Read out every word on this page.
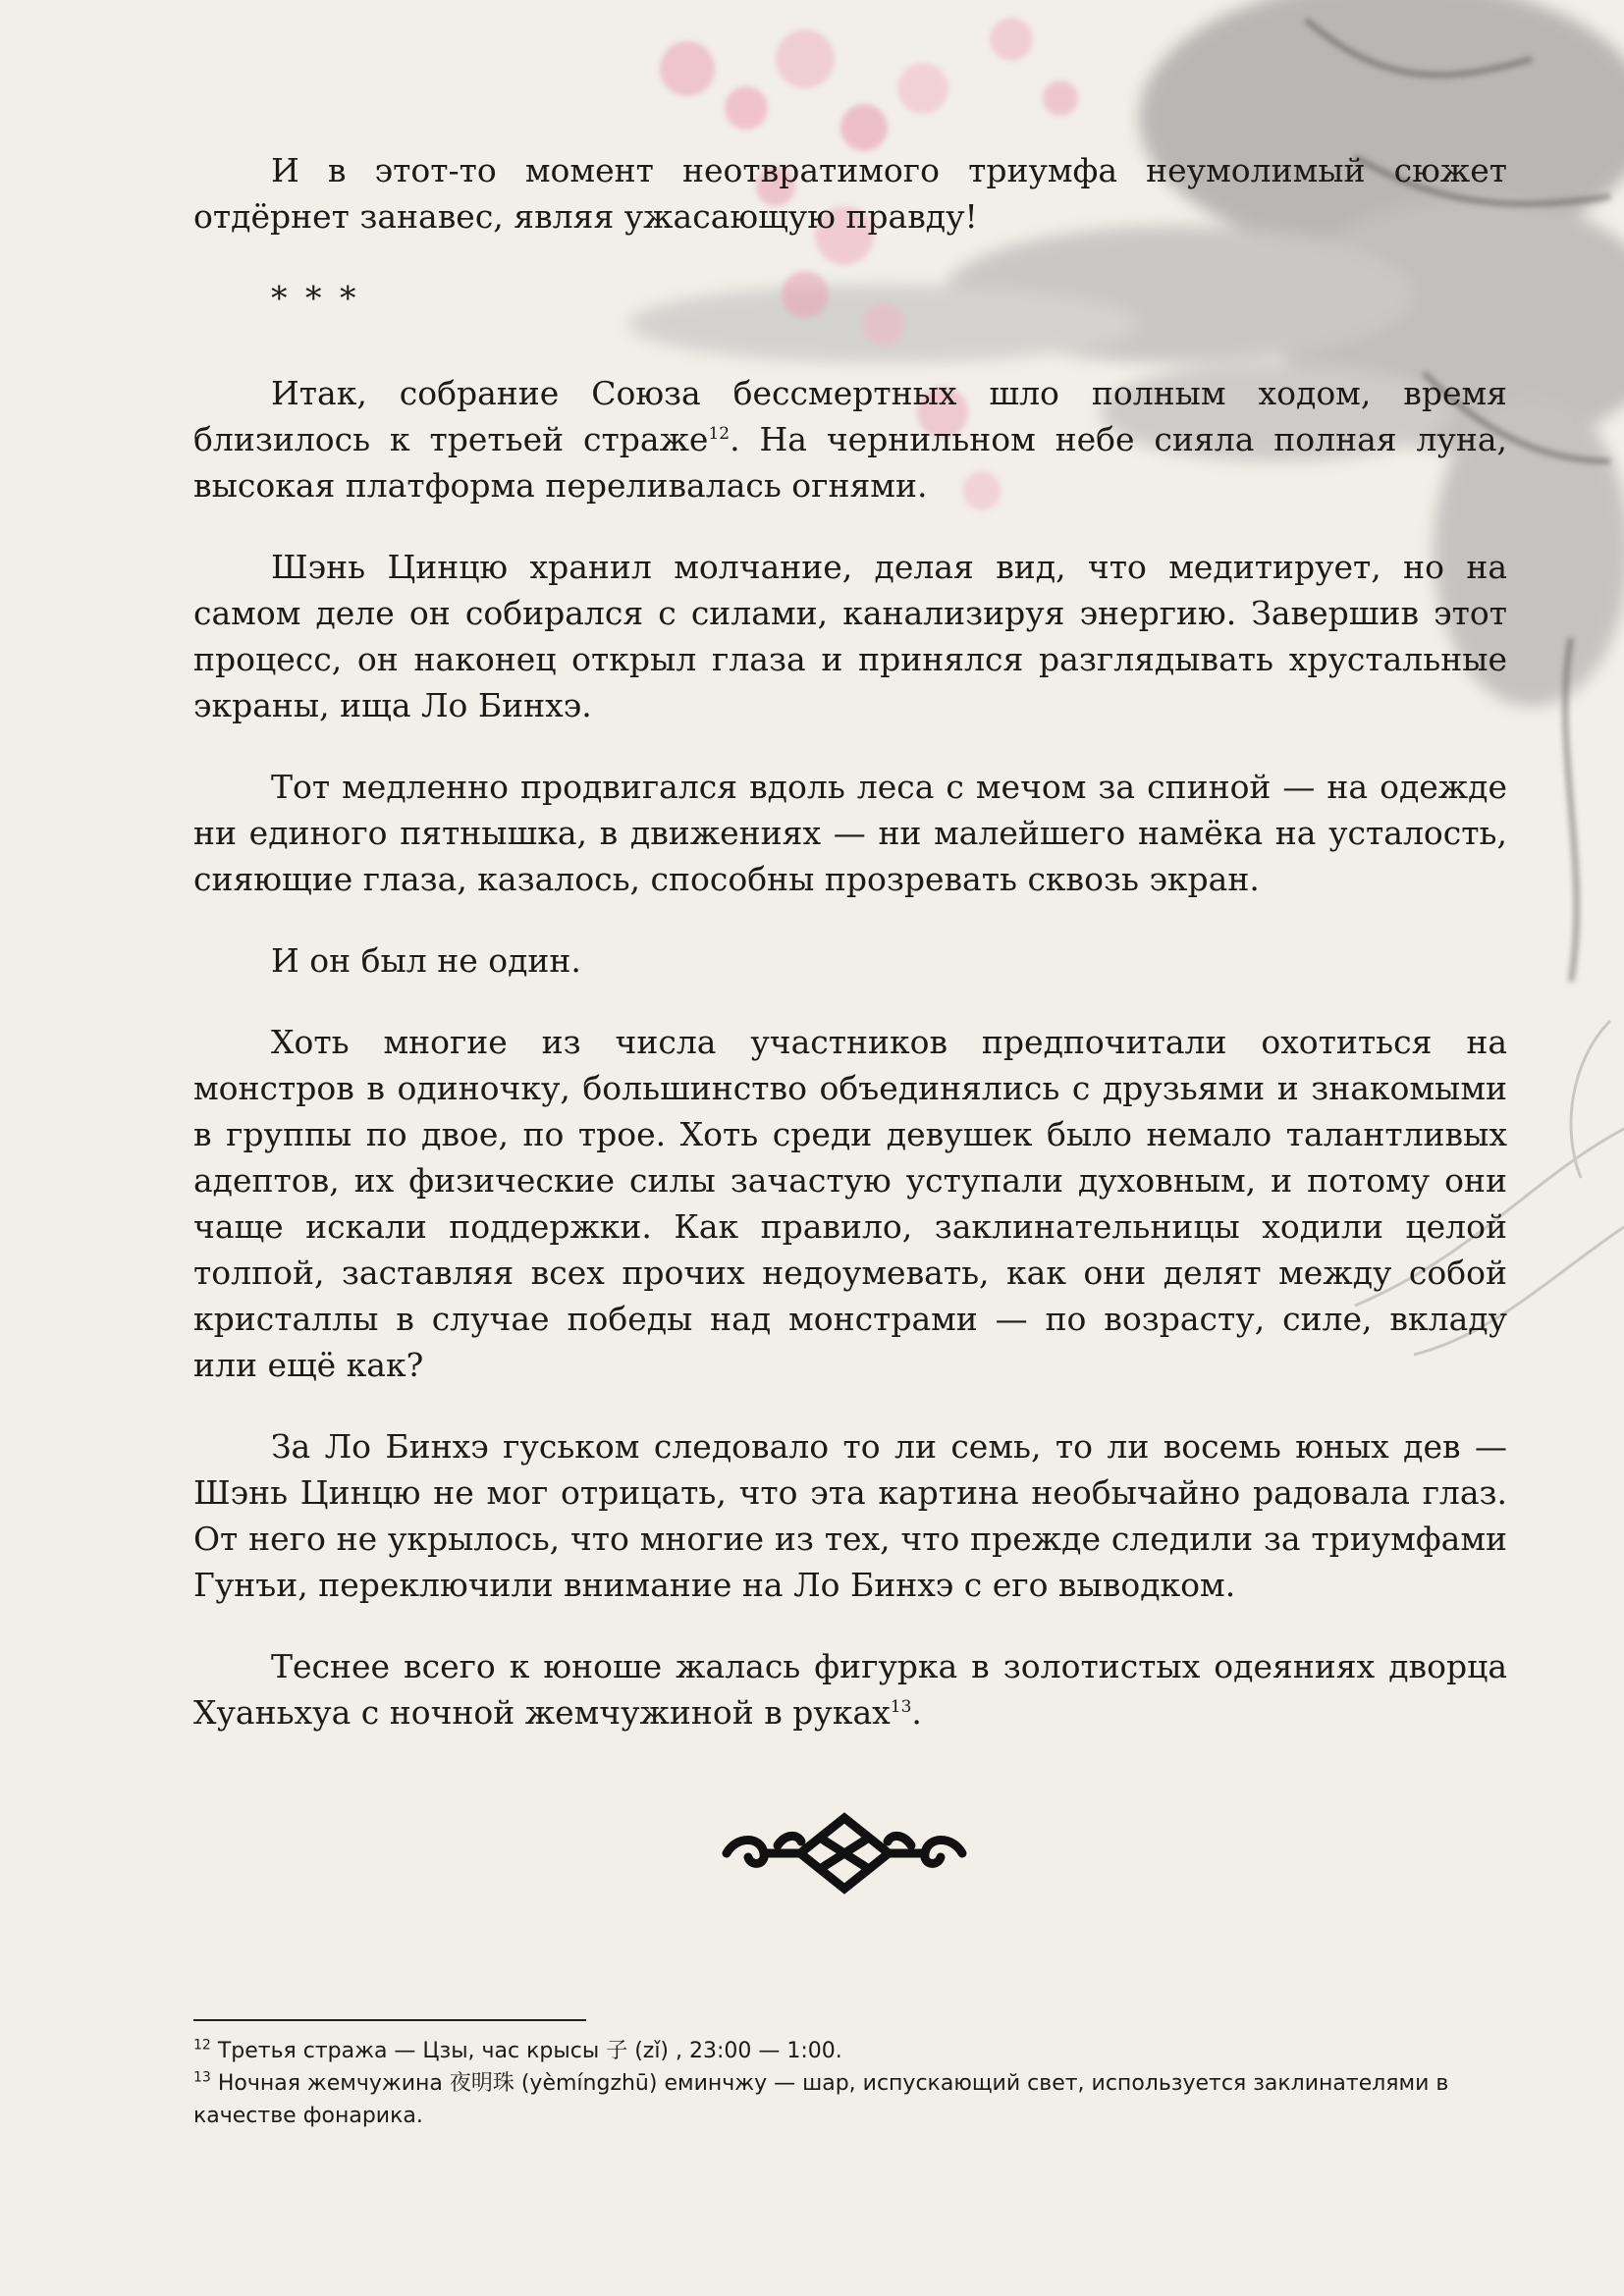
И в этот-то момент неотвратимого триумфа неумолимый сюжет отдёрнет занавес, являя ужасающую правду!

* * *

Итак, собрание Союза бессмертных шло полным ходом, время близилось к третьей страже$^{12}$. На чернильном небе сияла полная луна, высокая платформа переливалась огнями.

Шэнь Цинцю хранил молчание, делая вид, что медитирует, но на самом деле он собирался с силами, канализируя энергию. Завершив этот процесс, он наконец открыл глаза и принялся разглядывать хрустальные экраны, ища Ло Бинхэ.

Тот медленно продвигался вдоль леса с мечом за спиной — на одежде ни единого пятнышка, в движениях — ни малейшего намёка на усталость, сияющие глаза, казалось, способны прозревать сквозь экран.

И он был не один.

Хоть многие из числа участников предпочитали охотиться на монстров в одиночку, большинство объединялись с друзьями и знакомыми в группы по двое, по трое. Хоть среди девушек было немало талантливых адептов, их физические силы зачастую уступали духовным, и потому они чаще искали поддержки. Как правило, заклинательницы ходили целой толпой, заставляя всех прочих недоумевать, как они делят между собой кристаллы в случае победы над монстрами — по возрасту, силе, вкладу или ещё как?

За Ло Бинхэ гуськом следовало то ли семь, то ли восемь юных дев — Шэнь Цинцю не мог отрицать, что эта картина необычайно радовала глаз. От него не укрылось, что многие из тех, что прежде следили за триумфами Гунъи, переключили внимание на Ло Бинхэ с его выводком.

Теснее всего к юноше жалась фигурка в золотистых одеяниях дворца Хуаньхуа с ночной жемчужиной в руках$^{13}$.

$^{12}$ Третья стража — Цзы, час крысы 子 (zǐ) , 23:00 — 1:00.

$^{13}$ Ночная жемчужина 夜明珠 (yèmíngzhū) еминчжу — шар, испускающий свет, используется заклинателями в качестве фонарика.
